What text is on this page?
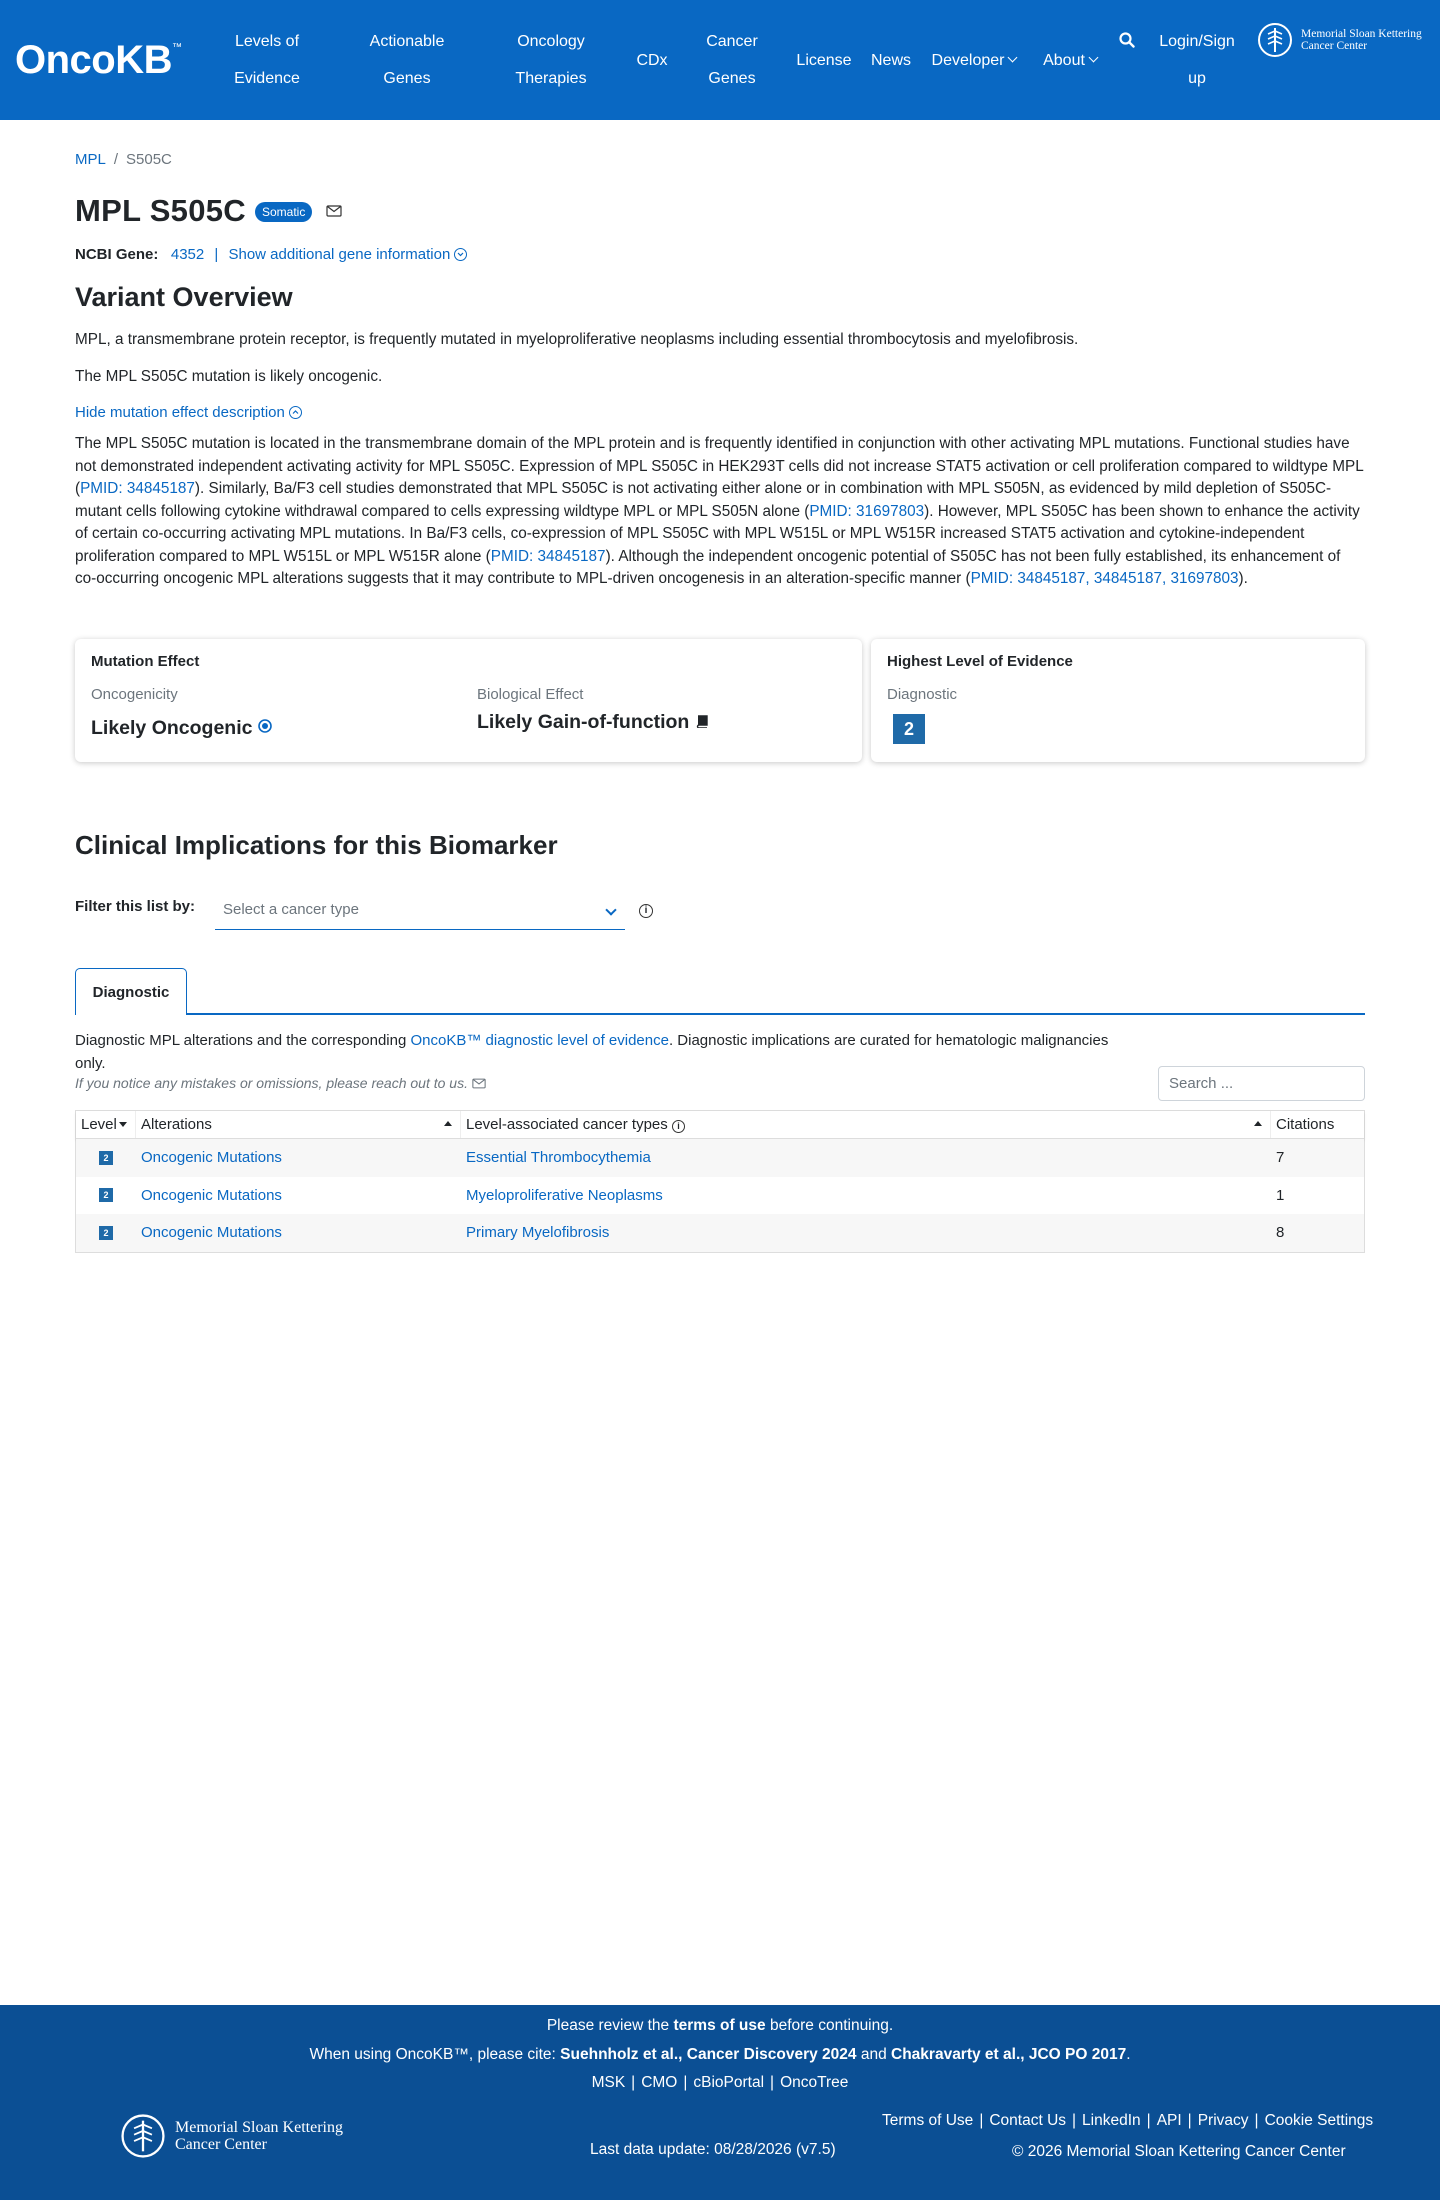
OncoKB™	Levels of
Evidence
Actionable
Genes
Oncology
Therapies
CDx
Cancer
Genes
License News Developer About
Login/Sign
up
Memorial Sloan Kettering
Cancer Center
MPL / S505C
MPL S505C	Somatic
NCBI Gene: 4352 | Show additional gene information
Variant Overview
MPL, a transmembrane protein receptor, is frequently mutated in myeloproliferative neoplasms including essential thrombocytosis and myelofibrosis.
The MPL S505C mutation is likely oncogenic.
Hide mutation effect description
The MPL S505C mutation is located in the transmembrane domain of the MPL protein and is frequently identified in conjunction with other activating MPL mutations. Functional studies have not demonstrated independent activating activity for MPL S505C. Expression of MPL S505C in HEK293T cells did not increase STAT5 activation or cell proliferation compared to wildtype MPL (PMID: 34845187). Similarly, Ba/F3 cell studies demonstrated that MPL S505C is not activating either alone or in combination with MPL S505N, as evidenced by mild depletion of S505C-mutant cells following cytokine withdrawal compared to cells expressing wildtype MPL or MPL S505N alone (PMID: 31697803). However, MPL S505C has been shown to enhance the activity of certain co-occurring activating MPL mutations. In Ba/F3 cells, co-expression of MPL S505C with MPL W515L or MPL W515R increased STAT5 activation and cytokine-independent proliferation compared to MPL W515L or MPL W515R alone (PMID: 34845187). Although the independent oncogenic potential of S505C has not been fully established, its enhancement of co-occurring oncogenic MPL alterations suggests that it may contribute to MPL-driven oncogenesis in an alteration-specific manner (PMID: 34845187, 34845187, 31697803).
Mutation Effect
Oncogenicity
Likely Oncogenic
Biological Effect
Likely Gain-of-function
Highest Level of Evidence
Diagnostic
2
Clinical Implications for this Biomarker
Filter this list by:	Select a cancer type	i
Diagnostic
Diagnostic MPL alterations and the corresponding OncoKB™ diagnostic level of evidence. Diagnostic implications are curated for hematologic malignancies only.
If you notice any mistakes or omissions, please reach out to us.	Search ...
Level	Alterations	Level-associated cancer types i	Citations
2	Oncogenic Mutations	Essential Thrombocythemia	7
2	Oncogenic Mutations	Myeloproliferative Neoplasms	1
2	Oncogenic Mutations	Primary Myelofibrosis	8
Please review the terms of use before continuing.
When using OncoKB™, please cite: Suehnholz et al., Cancer Discovery 2024 and Chakravarty et al., JCO PO 2017.
MSK | CMO | cBioPortal | OncoTree
Memorial Sloan Kettering
Cancer Center	Last data update: 08/28/2026 (v7.5)
Terms of Use | Contact Us | LinkedIn | API | Privacy | Cookie Settings
© 2026 Memorial Sloan Kettering Cancer Center
